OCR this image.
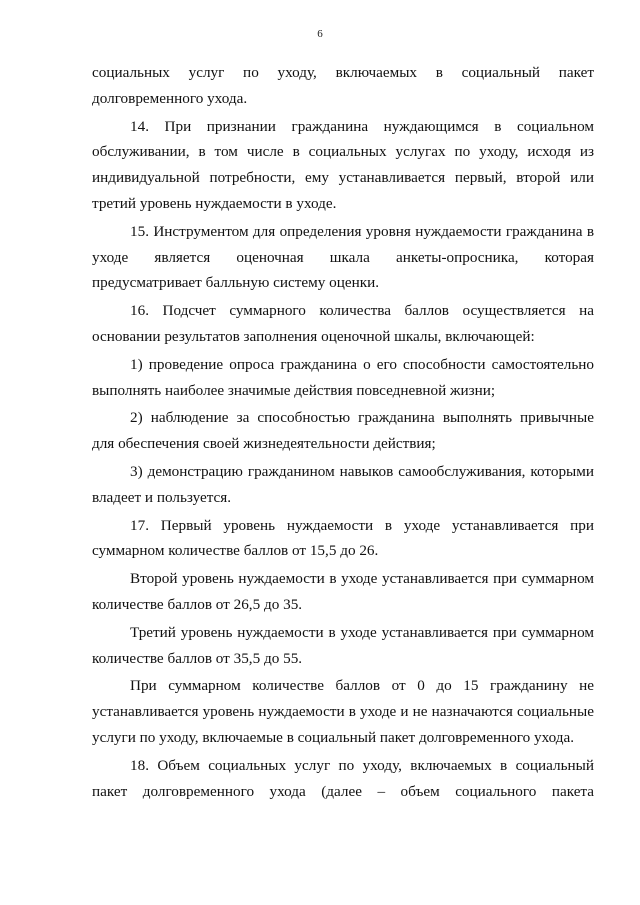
6

социальных услуг по уходу, включаемых в социальный пакет долговременного ухода.

14. При признании гражданина нуждающимся в социальном обслуживании, в том числе в социальных услугах по уходу, исходя из индивидуальной потребности, ему устанавливается первый, второй или третий уровень нуждаемости в уходе.

15. Инструментом для определения уровня нуждаемости гражданина в уходе является оценочная шкала анкеты-опросника, которая предусматривает балльную систему оценки.

16. Подсчет суммарного количества баллов осуществляется на основании результатов заполнения оценочной шкалы, включающей:

1) проведение опроса гражданина о его способности самостоятельно выполнять наиболее значимые действия повседневной жизни;

2) наблюдение за способностью гражданина выполнять привычные для обеспечения своей жизнедеятельности действия;

3) демонстрацию гражданином навыков самообслуживания, которыми владеет и пользуется.

17. Первый уровень нуждаемости в уходе устанавливается при суммарном количестве баллов от 15,5 до 26.

Второй уровень нуждаемости в уходе устанавливается при суммарном количестве баллов от 26,5 до 35.

Третий уровень нуждаемости в уходе устанавливается при суммарном количестве баллов от 35,5 до 55.

При суммарном количестве баллов от 0 до 15 гражданину не устанавливается уровень нуждаемости в уходе и не назначаются социальные услуги по уходу, включаемые в социальный пакет долговременного ухода.

18. Объем социальных услуг по уходу, включаемых в социальный пакет долговременного ухода (далее – объем социального пакета
